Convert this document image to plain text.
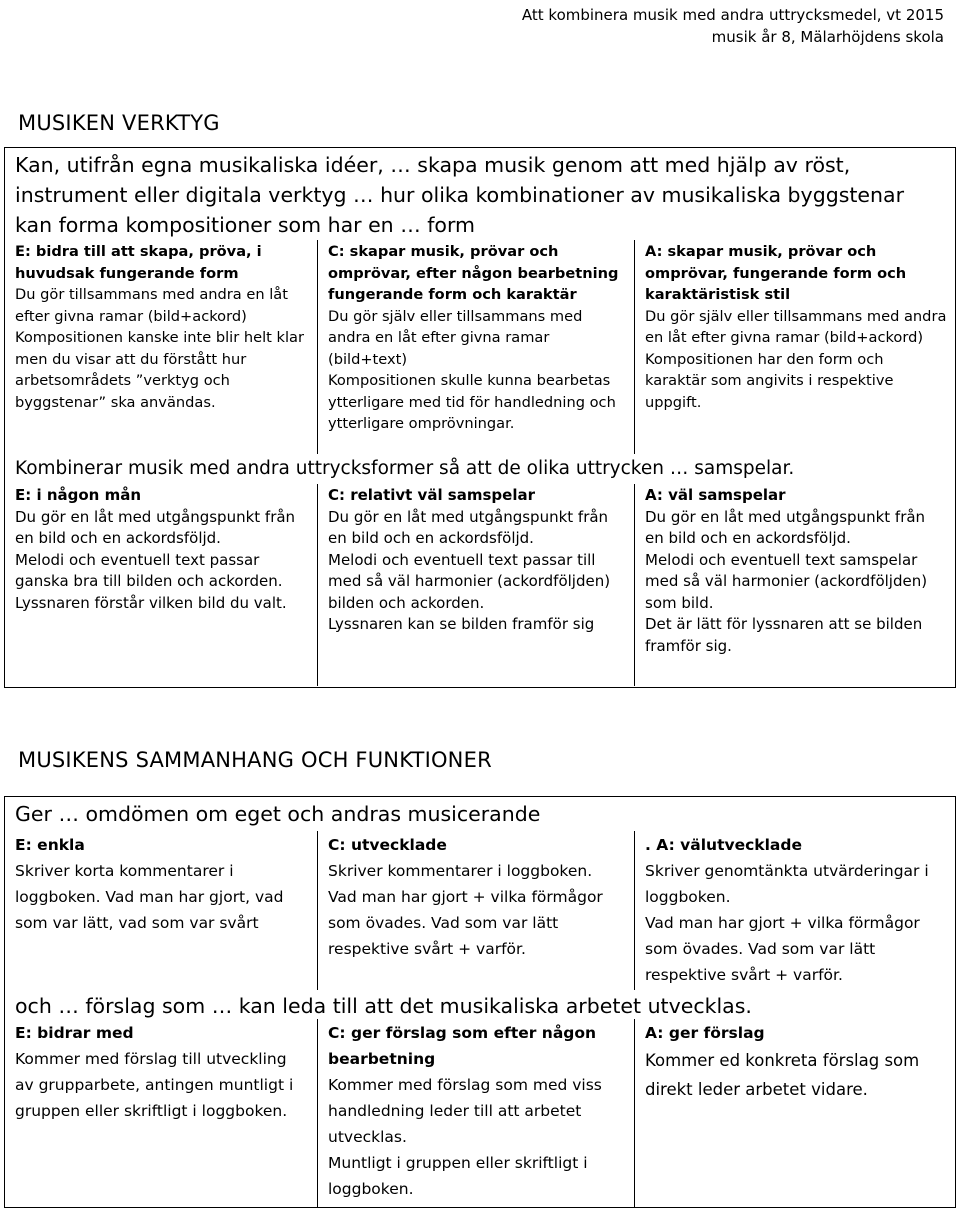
Att kombinera musik med andra uttrycksmedel, vt 2015
musik år 8, Mälarhöjdens skola
MUSIKEN VERKTYG
Kan, utifrån egna musikaliska idéer, … skapa musik genom att med hjälp av röst, instrument eller digitala verktyg … hur olika kombinationer av musikaliska byggstenar kan forma kompositioner som har en … form

E: bidra till att skapa, pröva, i huvudsak fungerande form

Du gör tillsammans med andra en låt efter givna ramar (bild+ackord)

Kompositionen kanske inte blir helt klar men du visar att du förstått hur arbetsområdets ”verktyg och byggstenar” ska användas.

C: skapar musik, prövar och omprövar, efter någon bearbetning fungerande form och karaktär

Du gör själv eller tillsammans med andra en låt efter givna ramar (bild+text)

Kompositionen skulle kunna bearbetas ytterligare med tid för handledning och ytterligare omprövningar.

A: skapar musik, prövar och omprövar, fungerande form och karaktäristisk stil

Du gör själv eller tillsammans med andra en låt efter givna ramar (bild+ackord)

Kompositionen har den form och karaktär som angivits i respektive uppgift.

Kombinerar musik med andra uttrycksformer så att de olika uttrycken … samspelar.

E: i någon mån

Du gör en låt med utgångspunkt från en bild och en ackordsföljd.

Melodi och eventuell text passar ganska bra till bilden och ackorden.

Lyssnaren förstår vilken bild du valt.

C: relativt väl samspelar

Du gör en låt med utgångspunkt från en bild och en ackordsföljd.

Melodi och eventuell text passar till med så väl harmonier (ackordföljden) bilden och ackorden.

Lyssnaren kan se bilden framför sig

A: väl samspelar

Du gör en låt med utgångspunkt från en bild och en ackordsföljd.

Melodi och eventuell text samspelar med så väl harmonier (ackordföljden) som bild.

Det är lätt för lyssnaren att se bilden framför sig.

MUSIKENS SAMMANHANG OCH FUNKTIONER
Ger … omdömen om eget och andras musicerande

E: enkla

Skriver korta kommentarer i loggboken. Vad man har gjort, vad som var lätt, vad som var svårt

C: utvecklade

Skriver kommentarer i loggboken.

Vad man har gjort + vilka förmågor som övades. Vad som var lätt respektive svårt + varför.

. A: välutvecklade

Skriver genomtänkta utvärderingar i loggboken.

Vad man har gjort + vilka förmågor som övades. Vad som var lätt respektive svårt + varför.

och … förslag som … kan leda till att det musikaliska arbetet utvecklas.

E: bidrar med

Kommer med förslag till utveckling av grupparbete, antingen muntligt i gruppen eller skriftligt i loggboken.

C: ger förslag som efter någon bearbetning

Kommer med förslag som med viss handledning leder till att arbetet utvecklas.

Muntligt i gruppen eller skriftligt i loggboken.

A: ger förslag

Kommer ed konkreta förslag som direkt leder arbetet vidare.
